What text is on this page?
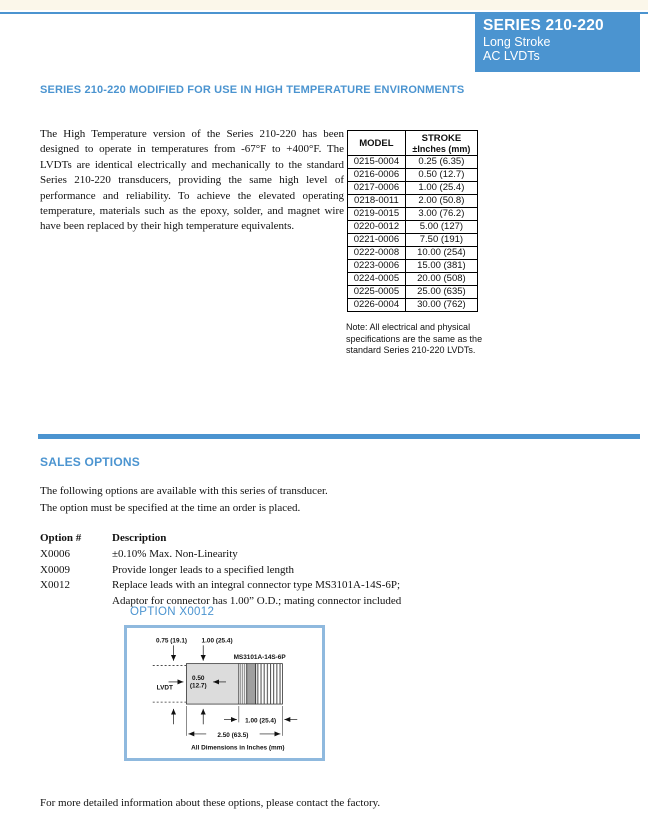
SERIES 210-220
Long Stroke
AC LVDTs
SERIES 210-220 MODIFIED FOR USE IN HIGH TEMPERATURE ENVIRONMENTS
The High Temperature version of the Series 210-220 has been designed to operate in temperatures from -67°F to +400°F. The LVDTs are identical electrically and mechanically to the standard Series 210-220 transducers, providing the same high level of performance and reliability. To achieve the elevated operating temperature, materials such as the epoxy, solder, and magnet wire have been replaced by their high temperature equivalents.
MODEL	STROKE
±Inches (mm)

0215-0004	0.25 (6.35)
0216-0006	0.50 (12.7)
0217-0006	1.00 (25.4)
0218-0011	2.00 (50.8)
0219-0015	3.00 (76.2)
0220-0012	5.00 (127)
0221-0006	7.50 (191)
0222-0008	10.00 (254)
0223-0006	15.00 (381)
0224-0005	20.00 (508)
0225-0005	25.00 (635)
0226-0004	30.00 (762)
Note: All electrical and physical specifications are the same as the standard Series 210-220 LVDTs.
SALES OPTIONS
The following options are available with this series of transducer.
The option must be specified at the time an order is placed.
Option #	Description
X0006	±0.10% Max. Non-Linearity
X0009	Provide longer leads to a specified length
X0012	Replace leads with an integral connector type MS3101A-14S-6P;
Adaptor for connector has 1.00” O.D.; mating connector included
OPTION X0012
0.75 (19.1) 1.00 (25.4)
MS3101A-14S-6P
0.50
(12.7)
LVDT
1.00 (25.4)
2.50 (63.5)
All Dimensions in Inches (mm)
For more detailed information about these options, please contact the factory.
